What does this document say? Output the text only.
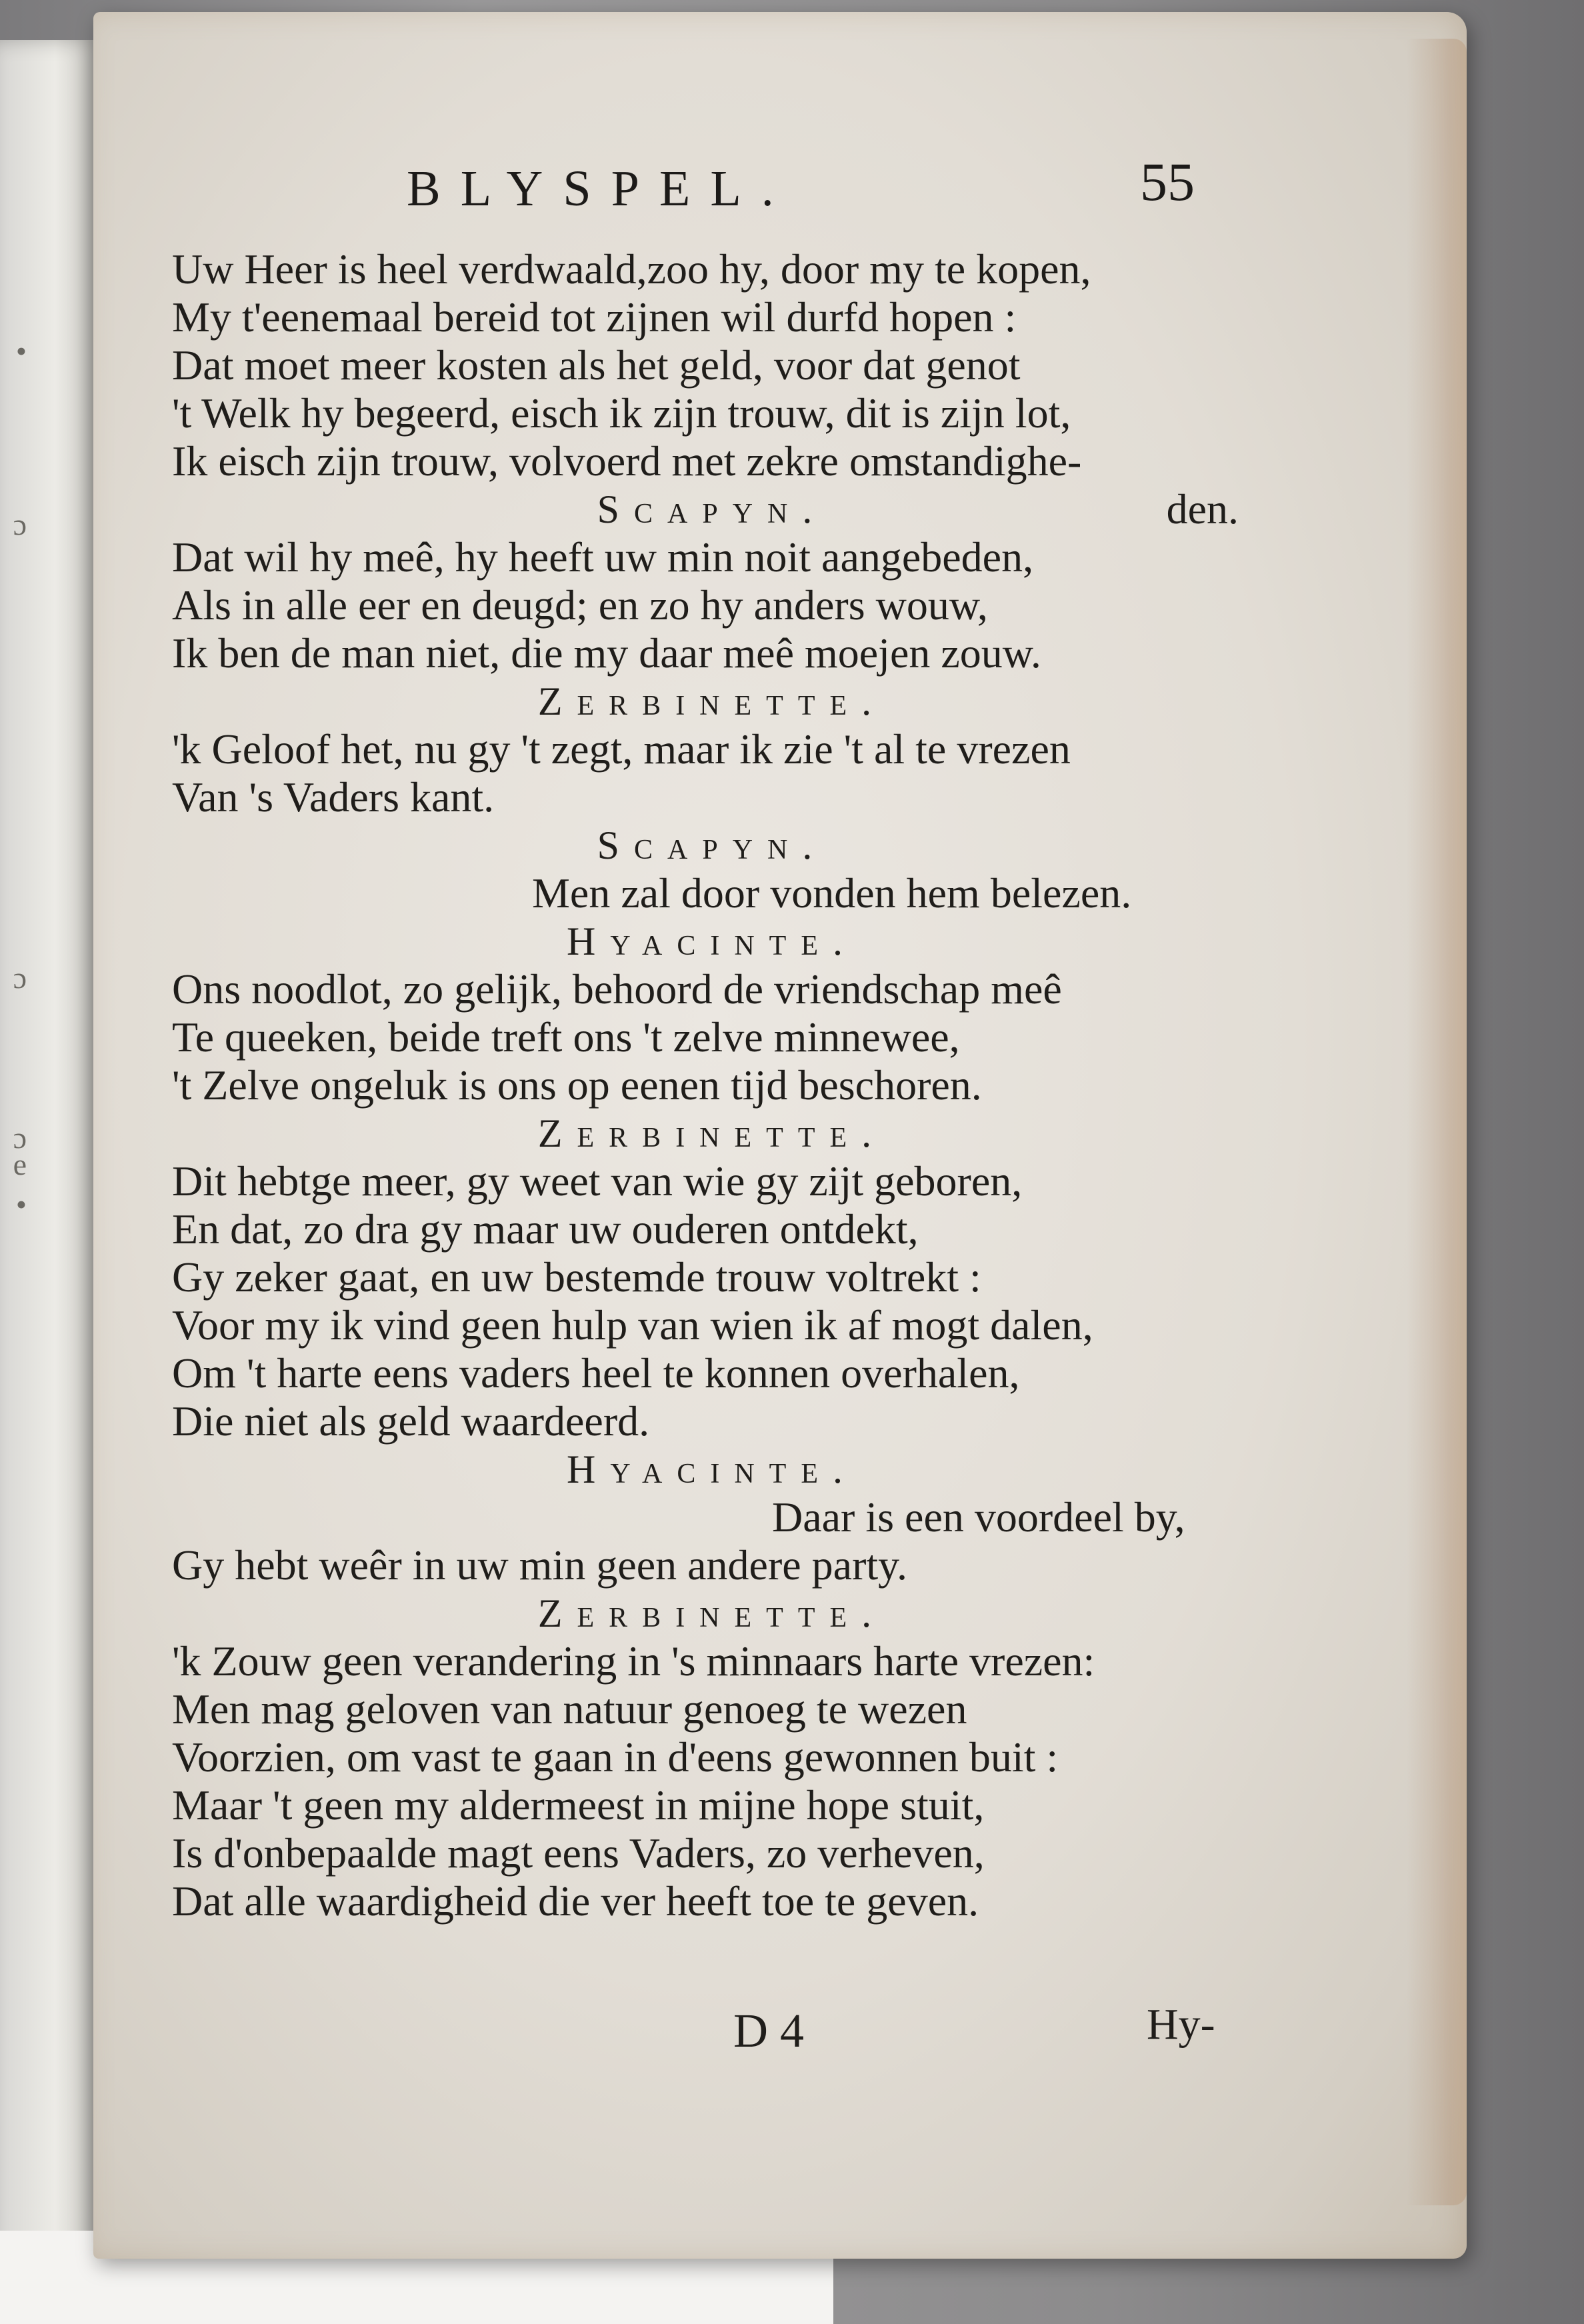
•
ɔ
ɔ
ɔ
e
•
BLYSPEL.	55

Uw Heer is heel verdwaald,zoo hy, door my te kopen,

My t'eenemaal bereid tot zijnen wil durfd hopen :

Dat moet meer kosten als het geld, voor dat genot

't Welk hy begeerd, eisch ik zijn trouw, dit is zijn lot,

Ik eisch zijn trouw, volvoerd met zekre omstandighe-

Scapyn.	den.

Dat wil hy meê, hy heeft uw min noit aangebeden,

Als in alle eer en deugd; en zo hy anders wouw,

Ik ben de man niet, die my daar meê moejen zouw.

Zerbinette.

'k Geloof het, nu gy 't zegt, maar ik zie 't al te vrezen

Van 's Vaders kant.

Scapyn.

Men zal door vonden hem belezen.

Hyacinte.

Ons noodlot, zo gelijk, behoord de vriendschap meê

Te queeken, beide treft ons 't zelve minnewee,

't Zelve ongeluk is ons op eenen tijd beschoren.

Zerbinette.

Dit hebtge meer, gy weet van wie gy zijt geboren,

En dat, zo dra gy maar uw ouderen ontdekt,

Gy zeker gaat, en uw bestemde trouw voltrekt :

Voor my ik vind geen hulp van wien ik af mogt dalen,

Om 't harte eens vaders heel te konnen overhalen,

Die niet als geld waardeerd.

Hyacinte.

Daar is een voordeel by,

Gy hebt weêr in uw min geen andere party.

Zerbinette.

'k Zouw geen verandering in 's minnaars harte vrezen:

Men mag geloven van natuur genoeg te wezen

Voorzien, om vast te gaan in d'eens gewonnen buit :

Maar 't geen my aldermeest in mijne hope stuit,

Is d'onbepaalde magt eens Vaders, zo verheven,

Dat alle waardigheid die ver heeft toe te geven.

D 4	Hy-
